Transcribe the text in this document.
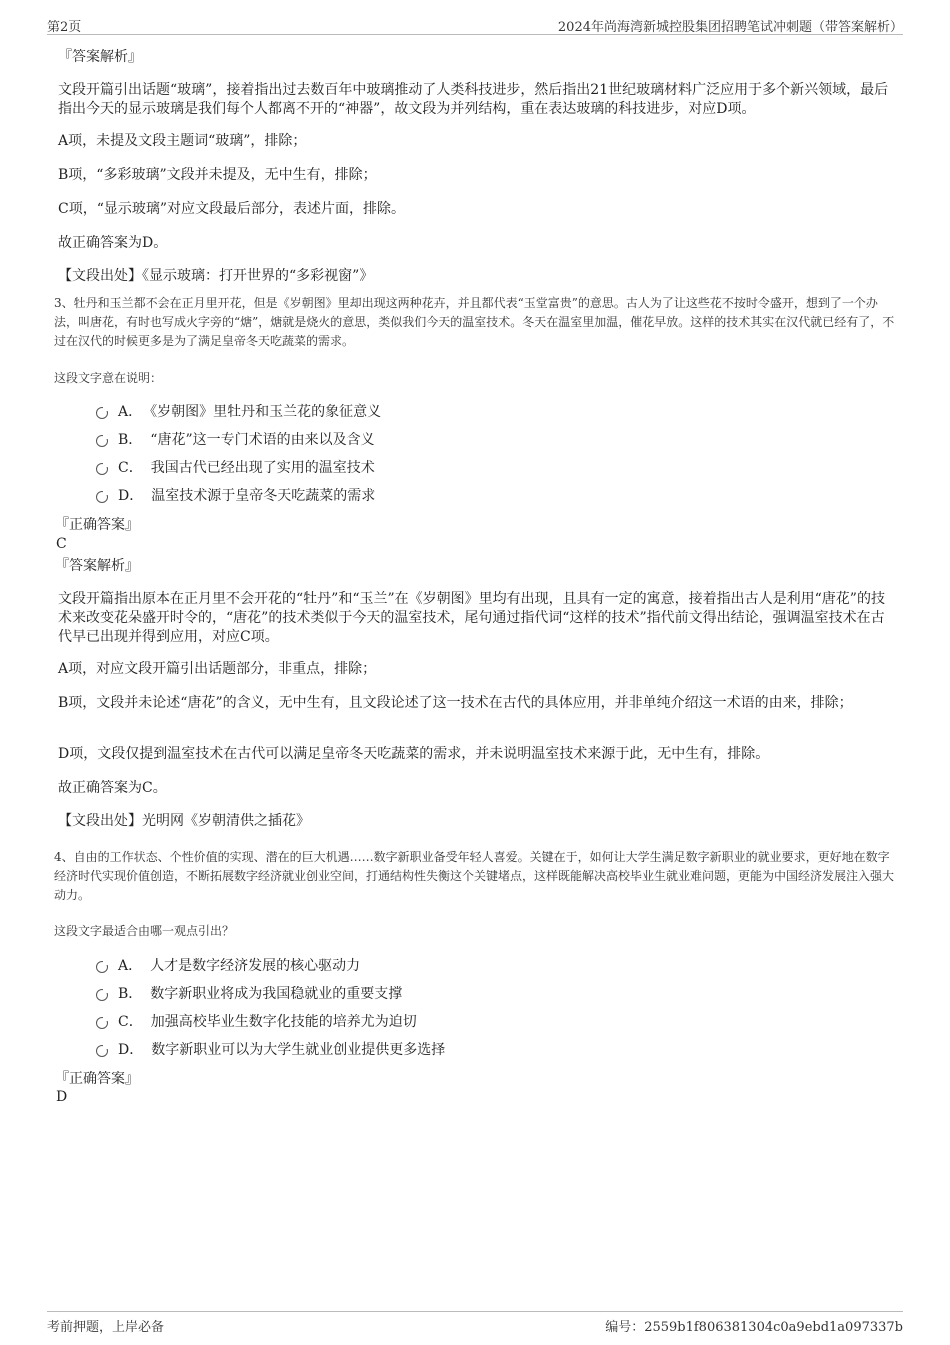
第2页	2024年尚海湾新城控股集团招聘笔试冲刺题（带答案解析）
『答案解析』
文段开篇引出话题“玻璃”，接着指出过去数百年中玻璃推动了人类科技进步，然后指出21世纪玻璃材料广泛应用于多个新兴领域，最后指出今天的显示玻璃是我们每个人都离不开的“神器”，故文段为并列结构，重在表达玻璃的科技进步，对应D项。
A项，未提及文段主题词“玻璃”，排除；
B项，“多彩玻璃”文段并未提及，无中生有，排除；
C项，“显示玻璃”对应文段最后部分，表述片面，排除。
故正确答案为D。
【文段出处】《显示玻璃：打开世界的“多彩视窗”》
3、牡丹和玉兰都不会在正月里开花，但是《岁朝图》里却出现这两种花卉，并且都代表“玉堂富贵”的意思。古人为了让这些花不按时令盛开，想到了一个办法，叫唐花，有时也写成火字旁的“煻”，煻就是烧火的意思，类似我们今天的温室技术。冬天在温室里加温，催花早放。这样的技术其实在汉代就已经有了，不过在汉代的时候更多是为了满足皇帝冬天吃蔬菜的需求。
这段文字意在说明：
A． 《岁朝图》里牡丹和玉兰花的象征意义
B． “唐花”这一专门术语的由来以及含义
C． 我国古代已经出现了实用的温室技术
D． 温室技术源于皇帝冬天吃蔬菜的需求
『正确答案』
C
『答案解析』
文段开篇指出原本在正月里不会开花的“牡丹”和“玉兰”在《岁朝图》里均有出现，且具有一定的寓意，接着指出古人是利用“唐花”的技术来改变花朵盛开时令的，“唐花”的技术类似于今天的温室技术，尾句通过指代词“这样的技术”指代前文得出结论，强调温室技术在古代早已出现并得到应用，对应C项。
A项，对应文段开篇引出话题部分，非重点，排除；
B项，文段并未论述“唐花”的含义，无中生有，且文段论述了这一技术在古代的具体应用，并非单纯介绍这一术语的由来，排除；
D项，文段仅提到温室技术在古代可以满足皇帝冬天吃蔬菜的需求，并未说明温室技术来源于此，无中生有，排除。
故正确答案为C。
【文段出处】光明网《岁朝清供之插花》
4、自由的工作状态、个性价值的实现、潜在的巨大机遇……数字新职业备受年轻人喜爱。关键在于，如何让大学生满足数字新职业的就业要求，更好地在数字经济时代实现价值创造，不断拓展数字经济就业创业空间，打通结构性失衡这个关键堵点，这样既能解决高校毕业生就业难问题，更能为中国经济发展注入强大动力。
这段文字最适合由哪一观点引出？
A． 人才是数字经济发展的核心驱动力
B． 数字新职业将成为我国稳就业的重要支撑
C． 加强高校毕业生数字化技能的培养尤为迫切
D． 数字新职业可以为大学生就业创业提供更多选择
『正确答案』
D
考前押题，上岸必备	编号：2559b1f806381304c0a9ebd1a097337b
